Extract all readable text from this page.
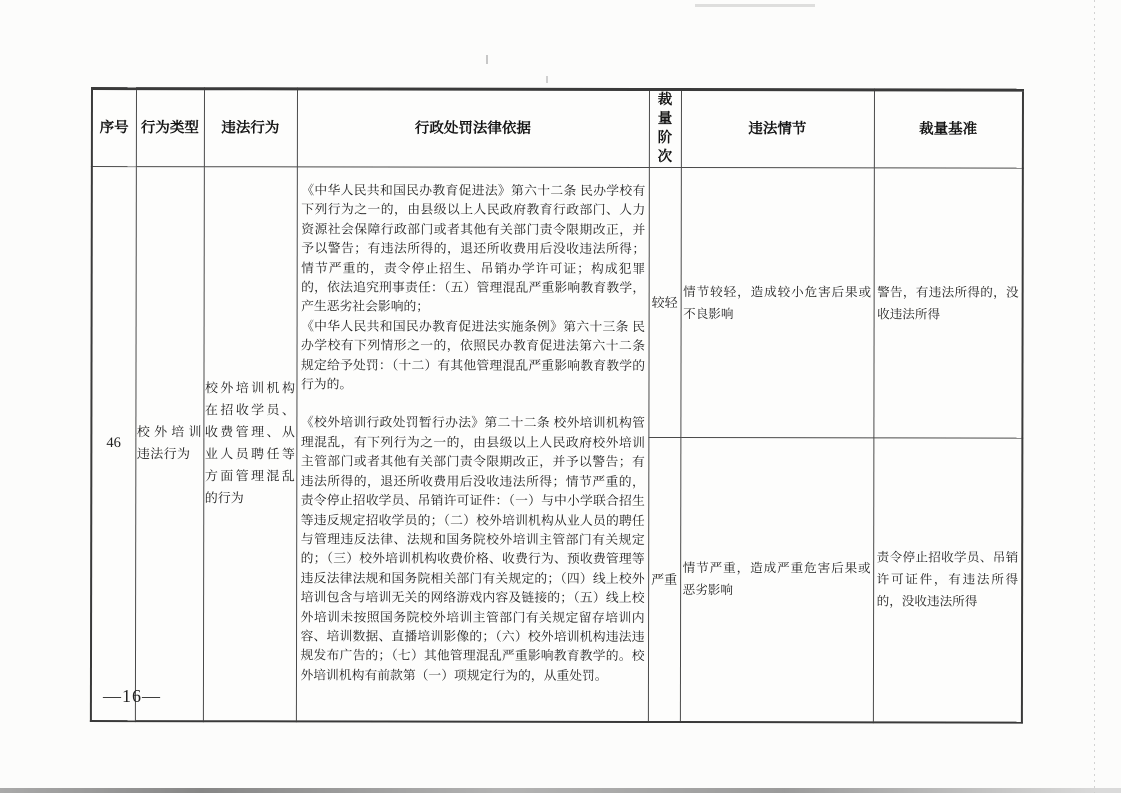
序号	行为类型	违法行为	行政处罚法律依据	裁量阶次	违法情节	裁量基准
46	校外培训违法行为	校外培训机构在招收学员、收费管理、从业人员聘任等方面管理混乱的行为	《中华人民共和国民办教育促进法》第六十二条 民办学校有下列行为之一的，由县级以上人民政府教育行政部门、人力资源社会保障行政部门或者其他有关部门责令限期改正，并予以警告；有违法所得的，退还所收费用后没收违法所得；情节严重的，责令停止招生、吊销办学许可证；构成犯罪的，依法追究刑事责任：（五）管理混乱严重影响教育教学，产生恶劣社会影响的；

《中华人民共和国民办教育促进法实施条例》第六十三条 民办学校有下列情形之一的，依照民办教育促进法第六十二条规定给予处罚：（十二）有其他管理混乱严重影响教育教学的行为的。

《校外培训行政处罚暂行办法》第二十二条 校外培训机构管理混乱，有下列行为之一的，由县级以上人民政府校外培训主管部门或者其他有关部门责令限期改正，并予以警告；有违法所得的，退还所收费用后没收违法所得；情节严重的，责令停止招收学员、吊销许可证件：（一）与中小学联合招生等违反规定招收学员的；（二）校外培训机构从业人员的聘任与管理违反法律、法规和国务院校外培训主管部门有关规定的；（三）校外培训机构收费价格、收费行为、预收费管理等违反法律法规和国务院相关部门有关规定的；（四）线上校外培训包含与培训无关的网络游戏内容及链接的；（五）线上校外培训未按照国务院校外培训主管部门有关规定留存培训内容、培训数据、直播培训影像的；（六）校外培训机构违法违规发布广告的；（七）其他管理混乱严重影响教育教学的。校外培训机构有前款第（一）项规定行为的，从重处罚。	较轻	情节较轻，造成较小危害后果或不良影响	警告，有违法所得的，没收违法所得
				严重	情节严重，造成严重危害后果或恶劣影响	责令停止招收学员、吊销许可证件，有违法所得的，没收违法所得
—16—
